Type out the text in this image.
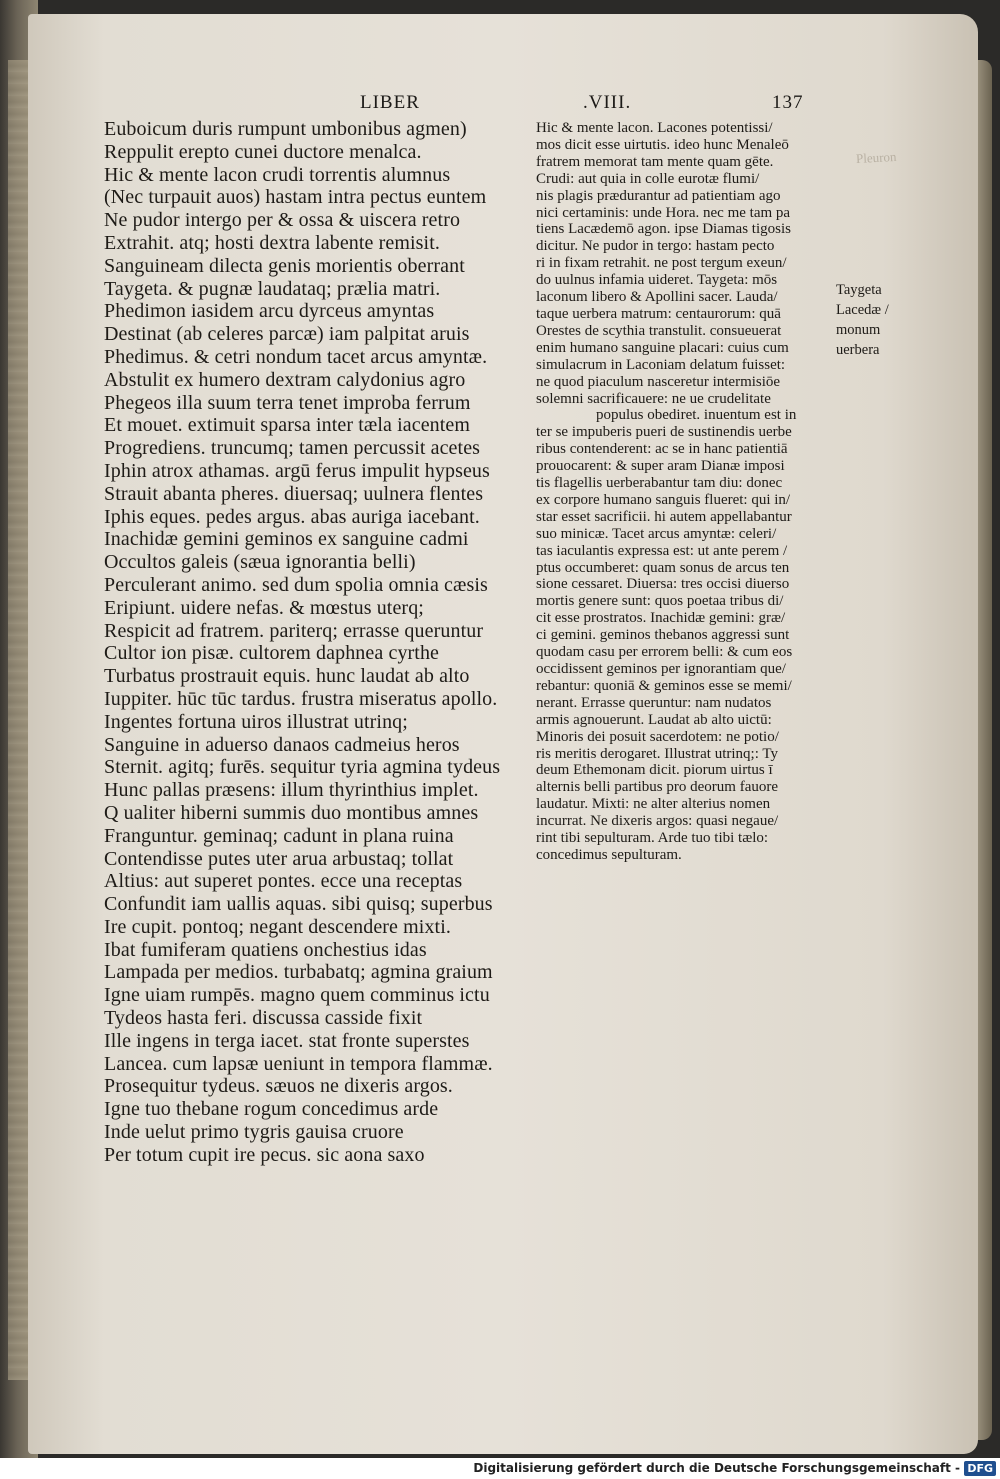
LIBER	.VIII.	137
Pleuron
Euboicum duris rumpunt umbonibus agmen)
Reppulit erepto cunei ductore menalca.
Hic & mente lacon crudi torrentis alumnus
(Nec turpauit auos) hastam intra pectus euntem
Ne pudor intergo per & ossa & uiscera retro
Extrahit. atq; hosti dextra labente remisit.
Sanguineam dilecta genis morientis oberrant
Taygeta. & pugnæ laudataq; prælia matri.
Phedimon iasidem arcu dyrceus amyntas
Destinat (ab celeres parcæ) iam palpitat aruis
Phedimus. & cetri nondum tacet arcus amyntæ.
Abstulit ex humero dextram calydonius agro
Phegeos illa suum terra tenet improba ferrum
Et mouet. extimuit sparsa inter tæla iacentem
Progrediens. truncumq; tamen percussit acetes
Iphin atrox athamas. argū ferus impulit hypseus
Strauit abanta pheres. diuersaq; uulnera flentes
Iphis eques. pedes argus. abas auriga iacebant.
Inachidæ gemini geminos ex sanguine cadmi
Occultos galeis (sæua ignorantia belli)
Perculerant animo. sed dum spolia omnia cæsis
Eripiunt. uidere nefas. & mœstus uterq;
Respicit ad fratrem. pariterq; errasse queruntur
Cultor ion pisæ. cultorem daphnea cyrthe
Turbatus prostrauit equis. hunc laudat ab alto
Iuppiter. hūc tūc tardus. frustra miseratus apollo.
Ingentes fortuna uiros illustrat utrinq;
Sanguine in aduerso danaos cadmeius heros
Sternit. agitq; furēs. sequitur tyria agmina tydeus
Hunc pallas præsens: illum thyrinthius implet.
Q ualiter hiberni summis duo montibus amnes
Franguntur. geminaq; cadunt in plana ruina
Contendisse putes uter arua arbustaq; tollat
Altius: aut superet pontes. ecce una receptas
Confundit iam uallis aquas. sibi quisq; superbus
Ire cupit. pontoq; negant descendere mixti.
Ibat fumiferam quatiens onchestius idas
Lampada per medios. turbabatq; agmina graium
Igne uiam rumpēs. magno quem comminus ictu
Tydeos hasta feri. discussa casside fixit
Ille ingens in terga iacet. stat fronte superstes
Lancea. cum lapsæ ueniunt in tempora flammæ.
Prosequitur tydeus. sæuos ne dixeris argos.
Igne tuo thebane rogum concedimus arde
Inde uelut primo tygris gauisa cruore
Per totum cupit ire pecus. sic aona saxo
Hic & mente lacon. Lacones potentissi/
mos dicit esse uirtutis. ideo hunc Menaleō
fratrem memorat tam mente quam gēte.
Crudi: aut quia in colle eurotæ flumi/
nis plagis prædurantur ad patientiam ago
nici certaminis: unde Hora. nec me tam pa
tiens Lacædemō agon. ipse Diamas tigosis
dicitur. Ne pudor in tergo: hastam pecto
ri in fixam retrahit. ne post tergum exeun/
do uulnus infamia uideret. Taygeta: mōs
laconum libero & Apollini sacer. Lauda/
taque uerbera matrum: centaurorum: quā
Orestes de scythia transtulit. consueuerat
enim humano sanguine placari: cuius cum
simulacrum in Laconiam delatum fuisset:
ne quod piaculum nasceretur intermisiōe
solemni sacrificauere: ne ue crudelitate
populus obediret. inuentum est in
ter se impuberis pueri de sustinendis uerbe
ribus contenderent: ac se in hanc patientiā
prouocarent: & super aram Dianæ imposi
tis flagellis uerberabantur tam diu: donec
ex corpore humano sanguis flueret: qui in/
star esset sacrificii. hi autem appellabantur
suo minicæ. Tacet arcus amyntæ: celeri/
tas iaculantis expressa est: ut ante perem /
ptus occumberet: quam sonus de arcus ten
sione cessaret. Diuersa: tres occisi diuerso
mortis genere sunt: quos poetaa tribus di/
cit esse prostratos. Inachidæ gemini: græ/
ci gemini. geminos thebanos aggressi sunt
quodam casu per errorem belli: & cum eos
occidissent geminos per ignorantiam que/
rebantur: quoniā & geminos esse se memi/
nerant. Errasse queruntur: nam nudatos
armis agnouerunt. Laudat ab alto uictū:
Minoris dei posuit sacerdotem: ne potio/
ris meritis derogaret. Illustrat utrinq;: Ty
deum Ethemonam dicit. piorum uirtus ī
alternis belli partibus pro deorum fauore
laudatur. Mixti: ne alter alterius nomen
incurrat. Ne dixeris argos: quasi negaue/
rint tibi sepulturam. Arde tuo tibi tælo:
concedimus sepulturam.
Taygeta
Lacedæ /
monum
uerbera
Digitalisierung gefördert durch die Deutsche Forschungsgemeinschaft - DFG
